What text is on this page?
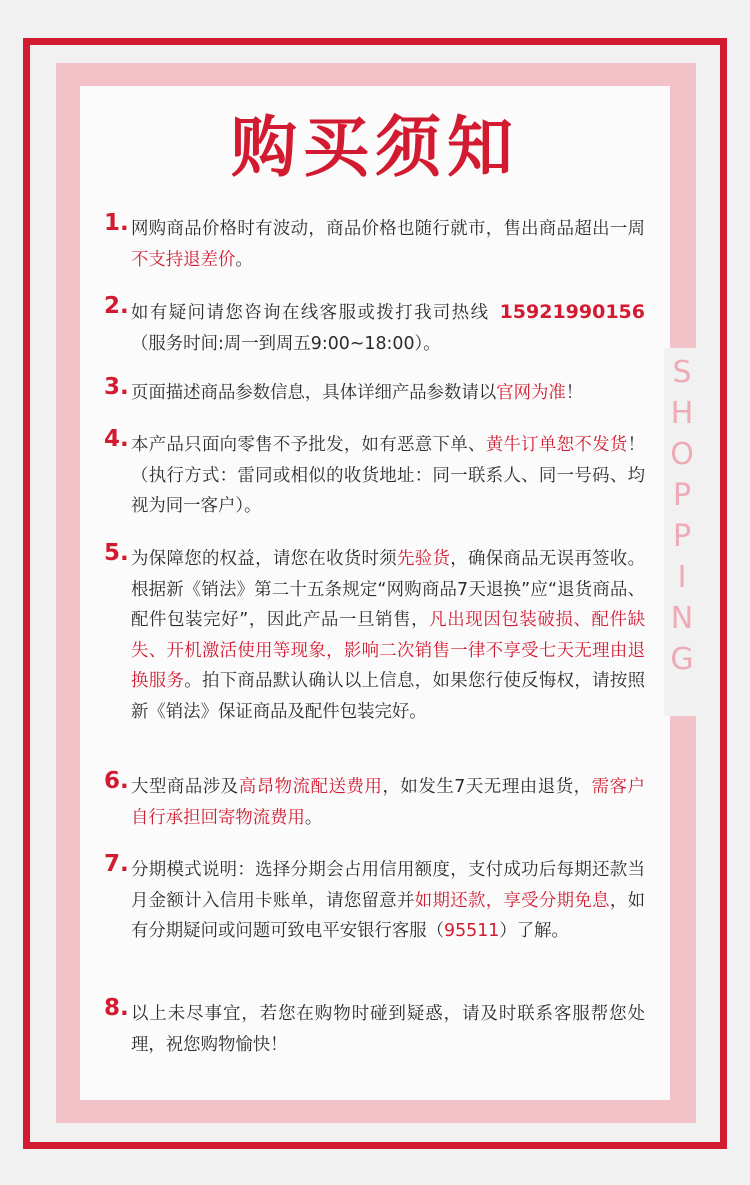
S
H
O
P
P
I
N
G
购买须知
1. 网购商品价格时有波动，商品价格也随行就市，售出商品超出一周不支持退差价。
2. 如有疑问请您咨询在线客服或拨打我司热线 15921990156（服务时间:周一到周五9:00~18:00）。
3. 页面描述商品参数信息，具体详细产品参数请以官网为准！
4. 本产品只面向零售不予批发，如有恶意下单、黄牛订单恕不发货！（执行方式：雷同或相似的收货地址：同一联系人、同一号码、均视为同一客户）。
5. 为保障您的权益，请您在收货时须先验货，确保商品无误再签收。根据新《销法》第二十五条规定“网购商品7天退换”应“退货商品、配件包装完好”，因此产品一旦销售，凡出现因包装破损、配件缺失、开机激活使用等现象，影响二次销售一律不享受七天无理由退换服务。拍下商品默认确认以上信息，如果您行使反悔权，请按照新《销法》保证商品及配件包装完好。
6. 大型商品涉及高昂物流配送费用，如发生7天无理由退货，需客户自行承担回寄物流费用。
7. 分期模式说明：选择分期会占用信用额度，支付成功后每期还款当月金额计入信用卡账单，请您留意并如期还款，享受分期免息，如有分期疑问或问题可致电平安银行客服（95511）了解。
8. 以上未尽事宜，若您在购物时碰到疑惑，请及时联系客服帮您处理，祝您购物愉快！
